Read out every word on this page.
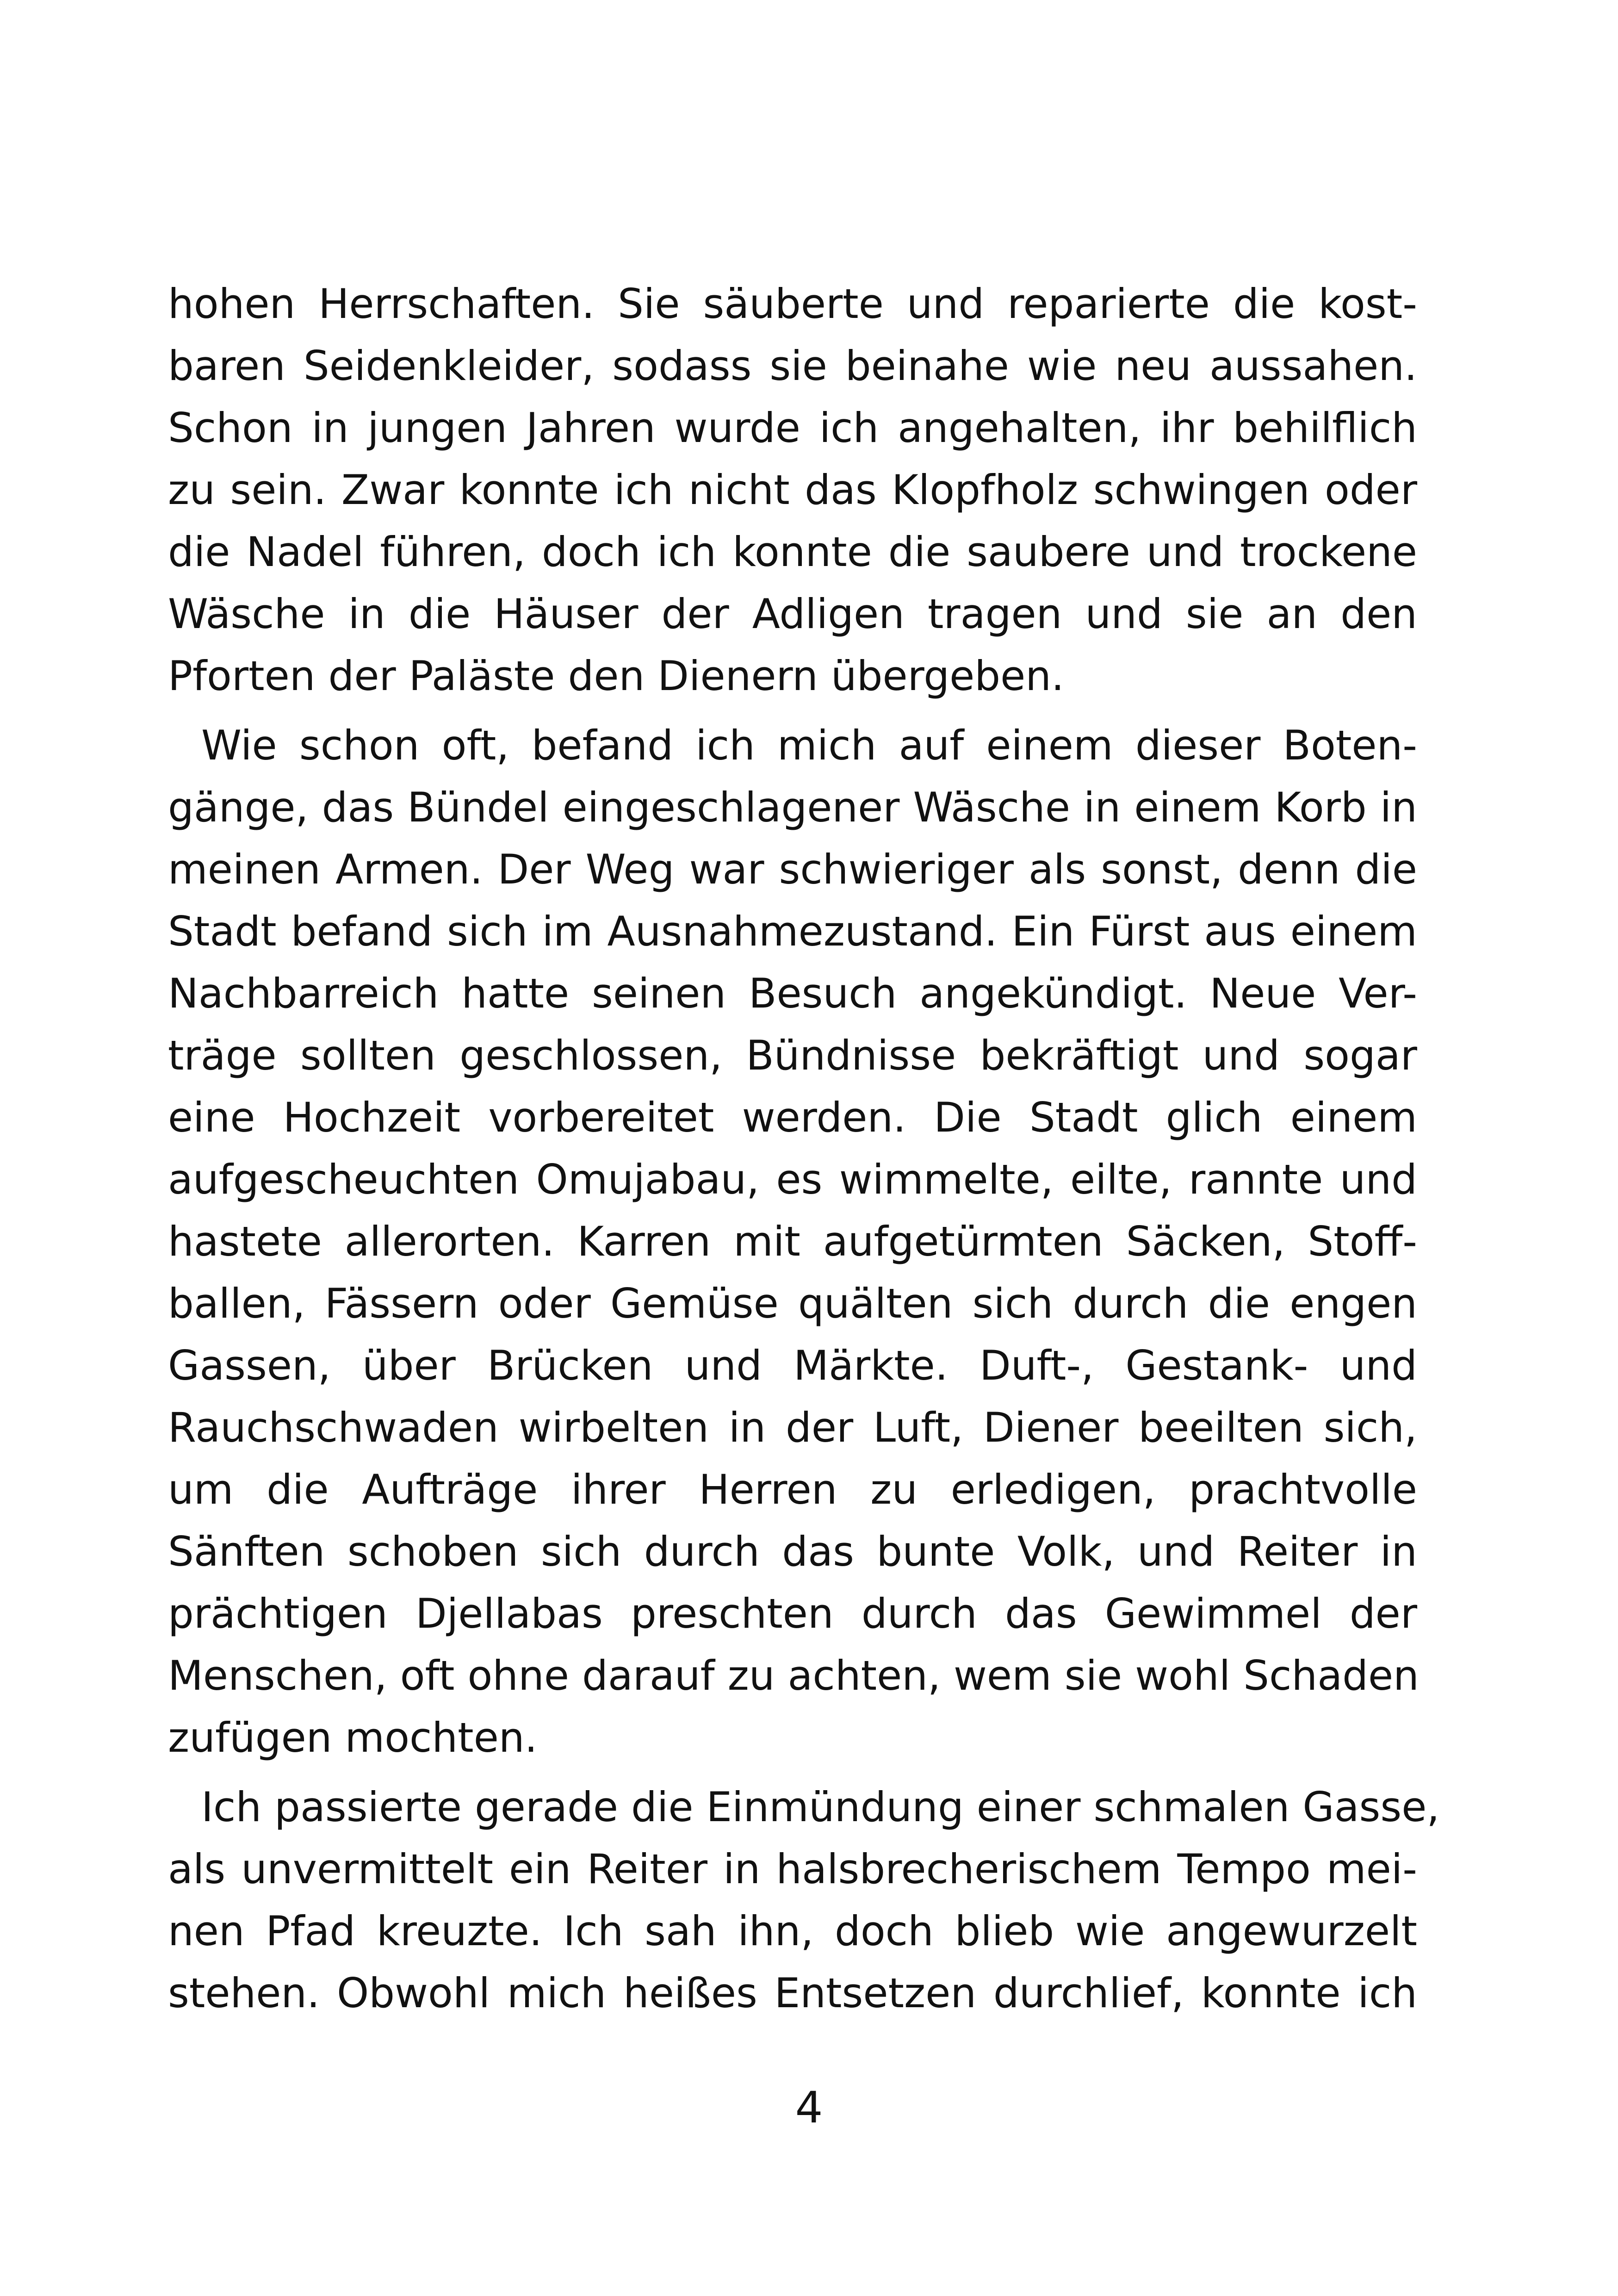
hohen Herrschaften. Sie säuberte und reparierte die kost-
baren Seidenkleider, sodass sie beinahe wie neu aussahen.
Schon in jungen Jahren wurde ich angehalten, ihr behilflich
zu sein. Zwar konnte ich nicht das Klopfholz schwingen oder
die Nadel führen, doch ich konnte die saubere und trockene
Wäsche in die Häuser der Adligen tragen und sie an den
Pforten der Paläste den Dienern übergeben.
Wie schon oft, befand ich mich auf einem dieser Boten-
gänge, das Bündel eingeschlagener Wäsche in einem Korb in
meinen Armen. Der Weg war schwieriger als sonst, denn die
Stadt befand sich im Ausnahmezustand. Ein Fürst aus einem
Nachbarreich hatte seinen Besuch angekündigt. Neue Ver-
träge sollten geschlossen, Bündnisse bekräftigt und sogar
eine Hochzeit vorbereitet werden. Die Stadt glich einem
aufgescheuchten Omujabau, es wimmelte, eilte, rannte und
hastete allerorten. Karren mit aufgetürmten Säcken, Stoff-
ballen, Fässern oder Gemüse quälten sich durch die engen
Gassen, über Brücken und Märkte. Duft-, Gestank- und
Rauchschwaden wirbelten in der Luft, Diener beeilten sich,
um die Aufträge ihrer Herren zu erledigen, prachtvolle
Sänften schoben sich durch das bunte Volk, und Reiter in
prächtigen Djellabas preschten durch das Gewimmel der
Menschen, oft ohne darauf zu achten, wem sie wohl Schaden
zufügen mochten.
Ich passierte gerade die Einmündung einer schmalen Gasse,
als unvermittelt ein Reiter in halsbrecherischem Tempo mei-
nen Pfad kreuzte. Ich sah ihn, doch blieb wie angewurzelt
stehen. Obwohl mich heißes Entsetzen durchlief, konnte ich
4
